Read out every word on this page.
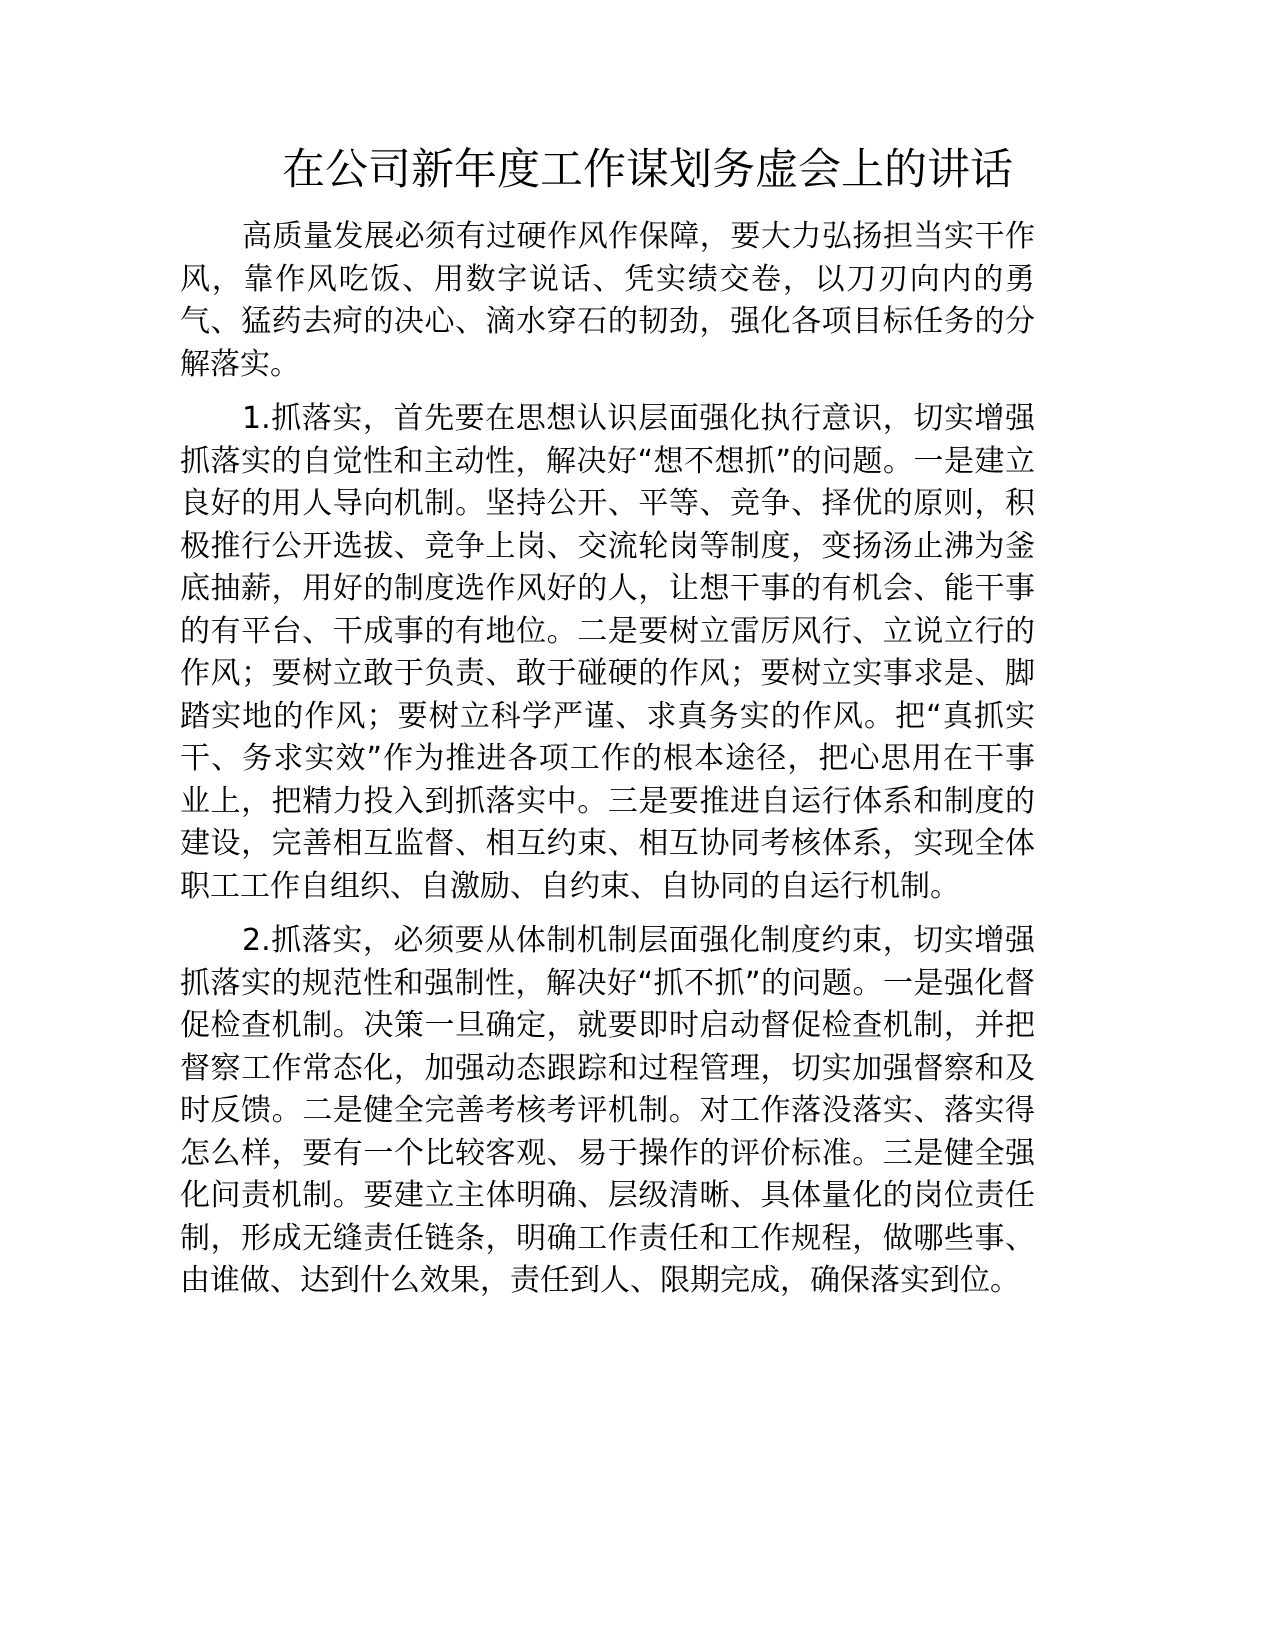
在公司新年度工作谋划务虚会上的讲话

高质量发展必须有过硬作风作保障，要大力弘扬担当实干作风，靠作风吃饭、用数字说话、凭实绩交卷，以刀刃向内的勇气、猛药去疴的决心、滴水穿石的韧劲，强化各项目标任务的分解落实。

1.抓落实，首先要在思想认识层面强化执行意识，切实增强抓落实的自觉性和主动性，解决好“想不想抓”的问题。一是建立良好的用人导向机制。坚持公开、平等、竞争、择优的原则，积极推行公开选拔、竞争上岗、交流轮岗等制度，变扬汤止沸为釜底抽薪，用好的制度选作风好的人，让想干事的有机会、能干事的有平台、干成事的有地位。二是要树立雷厉风行、立说立行的作风；要树立敢于负责、敢于碰硬的作风；要树立实事求是、脚踏实地的作风；要树立科学严谨、求真务实的作风。把“真抓实干、务求实效”作为推进各项工作的根本途径，把心思用在干事业上，把精力投入到抓落实中。三是要推进自运行体系和制度的建设，完善相互监督、相互约束、相互协同考核体系，实现全体职工工作自组织、自激励、自约束、自协同的自运行机制。

2.抓落实，必须要从体制机制层面强化制度约束，切实增强抓落实的规范性和强制性，解决好“抓不抓”的问题。一是强化督促检查机制。决策一旦确定，就要即时启动督促检查机制，并把督察工作常态化，加强动态跟踪和过程管理，切实加强督察和及时反馈。二是健全完善考核考评机制。对工作落没落实、落实得怎么样，要有一个比较客观、易于操作的评价标准。三是健全强化问责机制。要建立主体明确、层级清晰、具体量化的岗位责任制，形成无缝责任链条，明确工作责任和工作规程，做哪些事、由谁做、达到什么效果，责任到人、限期完成，确保落实到位。
